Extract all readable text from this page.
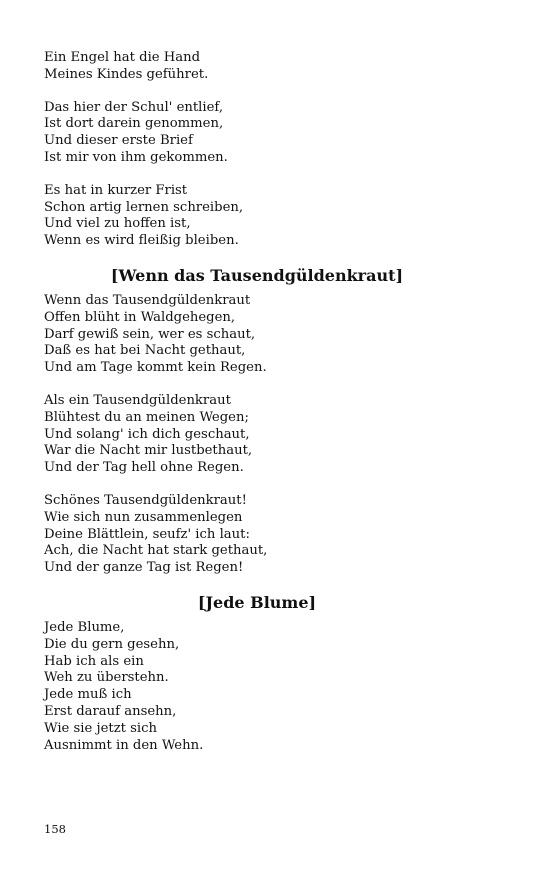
Ein Engel hat die Hand
Meines Kindes geführet.
Das hier der Schul' entlief,
Ist dort darein genommen,
Und dieser erste Brief
Ist mir von ihm gekommen.
Es hat in kurzer Frist
Schon artig lernen schreiben,
Und viel zu hoffen ist,
Wenn es wird fleißig bleiben.
[Wenn das Tausendgüldenkraut]
Wenn das Tausendgüldenkraut
Offen blüht in Waldgehegen,
Darf gewiß sein, wer es schaut,
Daß es hat bei Nacht gethaut,
Und am Tage kommt kein Regen.
Als ein Tausendgüldenkraut
Blühtest du an meinen Wegen;
Und solang' ich dich geschaut,
War die Nacht mir lustbethaut,
Und der Tag hell ohne Regen.
Schönes Tausendgüldenkraut!
Wie sich nun zusammenlegen
Deine Blättlein, seufz' ich laut:
Ach, die Nacht hat stark gethaut,
Und der ganze Tag ist Regen!
[Jede Blume]
Jede Blume,
Die du gern gesehn,
Hab ich als ein
Weh zu überstehn.
Jede muß ich
Erst darauf ansehn,
Wie sie jetzt sich
Ausnimmt in den Wehn.
158
